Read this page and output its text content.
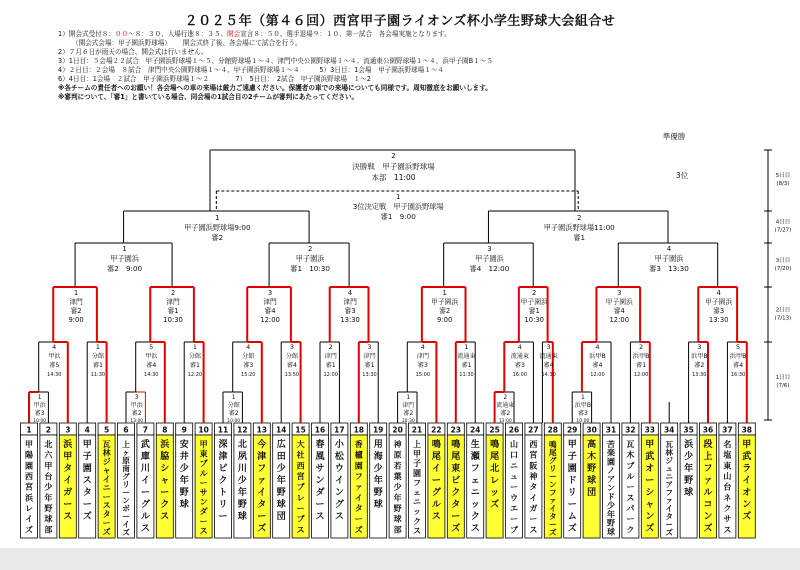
２０２５年（第４６回）西宮甲子園ライオンズ杯小学生野球大会組合せ
1）開会式受付８：００～８：３０、入場行進８：３５、開会宣言８：５０、選手退場９：１０、第一試合　各会場実施となります。
（開会式会場：甲子園浜野球場）　　 開会式終了後、各会場にて試合を行う。
2）７月６日が雨天の場合、開会式は行いません。
3）1日目：５会場２２試合　甲子園浜野球場１～５、分館野球場１～４、津門中央公園野球場１～４、流通東公園野球場１～４、浜甲子園B１～５
4）２日目：２会場　８試合　津門中央公園野球場１～４、甲子園浜野球場１～４　　　5）3日目：1会場　甲子園浜野球場１～４
6）4日目：1会場　２試合　甲子園浜野球場１～２　　　　7）　5日目：　2試合　甲子園浜野球場　１～2
※各チームの責任者へのお願い！各会場への車の来場は厳力ご遠慮ください。保護者の車での来場についても同様です。周知徹底をお願いします。
※審判について、「審1」と書いている場合、同会場の1試合目の2チームが審判にあたってください。
1
甲
陽
園
西
宮
浜
レ
イ
ズ
2
北
六
甲
台
少
年
野
球
部
3
浜
甲
タ
イ
ガ
ー
ス
4
甲
子
園
ス
タ
ー
ズ
5
瓦
林
ジ
ャ
イ
ニ
ー
ス
タ
ー
ズ
6
上
ヶ
原
南
グ
リ
ー
ン
ボ
ー
イ
ズ
7
武
庫
川
イ
ー
グ
ル
ス
8
浜
脇
シ
ャ
ー
ク
ス
9
安
井
少
年
野
球
10
甲
東
ブ
ル
ー
サ
ン
ダ
ー
ス
11
深
津
ビ
ク
ト
リ
ー
12
北
夙
川
少
年
野
球
13
今
津
フ
ァ
イ
タ
ー
ズ
14
広
田
少
年
野
球
団
15
大
社
西
宮
ブ
レ
ー
ブ
ス
16
春
風
サ
ン
ダ
ー
ス
17
小
松
ウ
イ
ン
グ
ス
18
香
櫨
園
フ
ァ
イ
タ
ー
ズ
19
用
海
少
年
野
球
20
神
原
若
葉
少
年
野
球
部
21
上
甲
子
園
フ
ェ
ニ
ッ
ク
ス
22
鳴
尾
イ
ー
グ
ル
ス
23
鳴
尾
東
ビ
ク
タ
ー
ズ
24
生
瀬
フ
ェ
ニ
ッ
ク
ス
25
鳴
尾
北
レ
ッ
ズ
26
山
口
ニ
ュ
ー
ウ
エ
ー
ブ
27
西
宮
阪
神
タ
イ
ガ
ー
ス
28
鳴
尾
グ
リ
ー
ン
フ
ァ
イ
タ
ー
ズ
29
甲
子
園
ド
リ
ー
ム
ズ
30
高
木
野
球
団
31
苦
楽
園
ノ
ア
ン
ド
少
年
野
球
32
瓦
木
ブ
ル
ー
ス
パ
ー
ク
33
甲
武
オ
ー
シ
ャ
ン
ズ
34
瓦
林
ジ
ュ
ニ
ア
フ
ァ
イ
タ
ー
ズ
35
浜
少
年
野
球
36
段
上
フ
ァ
ル
コ
ン
ズ
37
名
塩
東
山
台
ネ
ク
サ
ス
38
甲
武
ラ
イ
オ
ン
ズ
1
甲浜
審3
10:00
3
甲浜
審2
13:00
1
津門
審2
10:30
2
流通東
審2
13:00
1
浜甲B
審3
10:00
1
分館
審2
10:00
4
甲浜
審5
14:30
1
分館
審1
11:30
5
甲浜
審4
14:30
1
分館
審1
12:20
4
分館
審3
15:20
3
分館
審4
13:50
2
津門
審1
12:00
3
津門
審1
13:30
4
津門
審3
15:00
1
流通東
審1
11:30
4
流通東
審3
16:00
3
流通東
審4
14:30
4
浜甲B
審4
12:00
2
浜甲B
審1
12:00
3
浜甲B
審2
13:30
5
浜甲B
審4
16:30
1
津門
審2
9:00
2
津門
審1
10:30
3
津門
審4
12:00
4
津門
審3
13:30
1
甲子園浜
審2
9:00
2
甲子園浜
審1
10:30
3
甲子園浜
審4
12:00
4
甲子園浜
審3
13:30
1
甲子園浜
審2　9:00
2
甲子園浜
審1　10:30
3
甲子園浜
審4　12:00
4
甲子園浜
審3　13:30
1
甲子園浜野球場9:00
審2
2
甲子園浜野球場11:00
審1
1
3位決定戦　甲子園浜野球場
審1　9:00
3位
2
決勝戦　甲子園浜野球場
本部　11:00
準優勝
5日目
(8/3)
4日目
(7/27)
3日目
(7/20)
2日目
(7/13)
1日目
(7/6)
